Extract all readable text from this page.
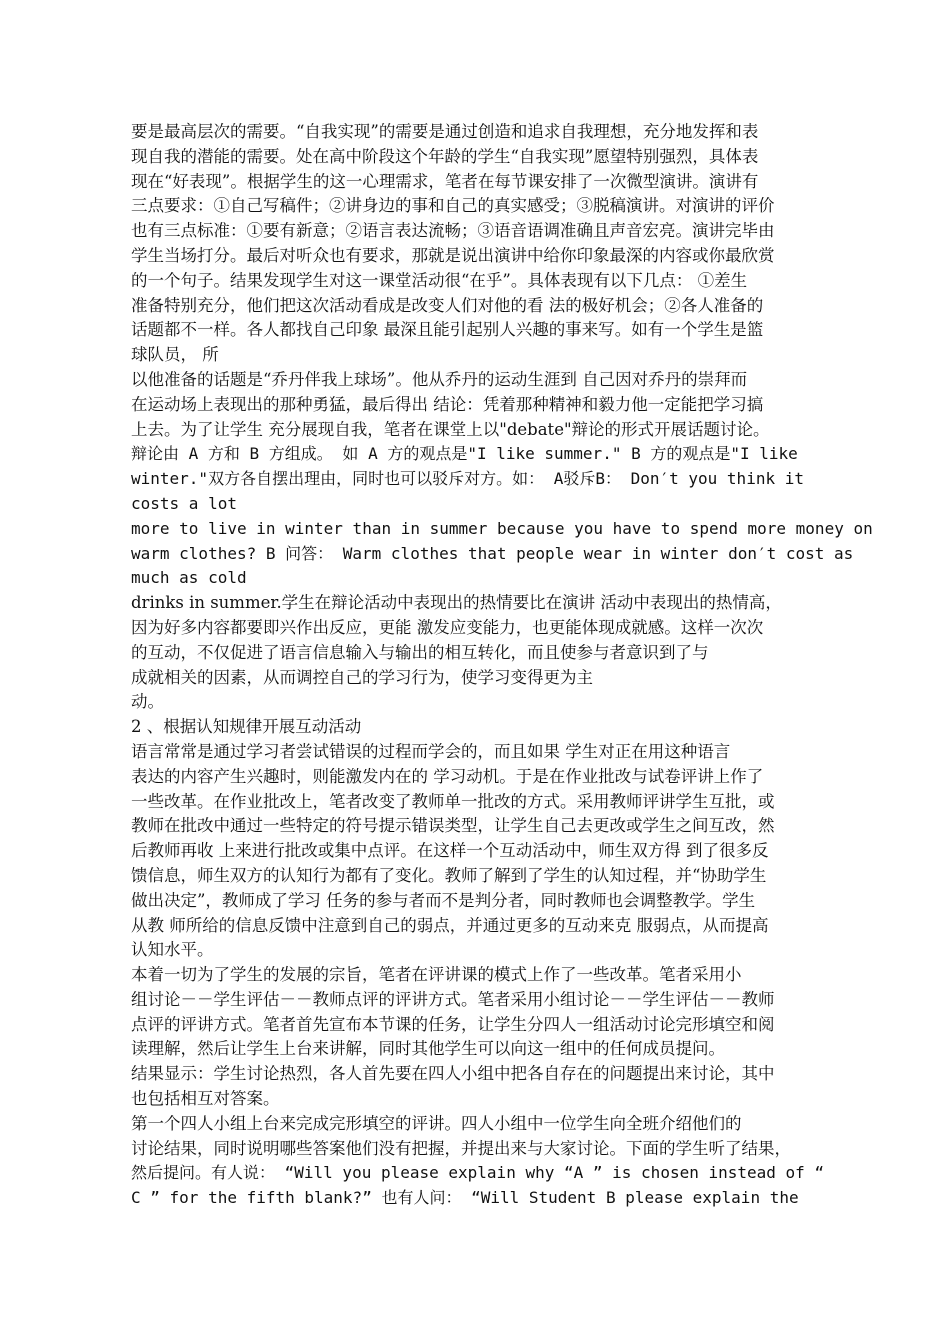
要是最高层次的需要。“自我实现”的需要是通过创造和追求自我理想，充分地发挥和表
现自我的潜能的需要。处在高中阶段这个年龄的学生“自我实现”愿望特别强烈，具体表
现在“好表现”。根据学生的这一心理需求，笔者在每节课安排了一次微型演讲。演讲有
三点要求：①自己写稿件；②讲身边的事和自己的真实感受；③脱稿演讲。对演讲的评价
也有三点标准：①要有新意；②语言表达流畅；③语音语调准确且声音宏亮。演讲完毕由
学生当场打分。最后对听众也有要求，那就是说出演讲中给你印象最深的内容或你最欣赏
的一个句子。结果发现学生对这一课堂活动很“在乎”。具体表现有以下几点： ①差生
准备特别充分，他们把这次活动看成是改变人们对他的看 法的极好机会；②各人准备的
话题都不一样。各人都找自己印象 最深且能引起别人兴趣的事来写。如有一个学生是篮
球队员， 所
以他准备的话题是“乔丹伴我上球场”。他从乔丹的运动生涯到 自己因对乔丹的崇拜而
在运动场上表现出的那种勇猛，最后得出 结论：凭着那种精神和毅力他一定能把学习搞
上去。为了让学生 充分展现自我，笔者在课堂上以"debate"辩论的形式开展话题讨论。
辩论由 A 方和 B 方组成。 如 A 方的观点是"I like summer." B 方的观点是"I like
winter."双方各自摆出理由，同时也可以驳斥对方。如： A驳斥B： Don′t you think it
costs a lot
more to live in winter than in summer because you have to spend more money on
warm clothes? B 问答： Warm clothes that people wear in winter don′t cost as
much as cold
drinks in summer.学生在辩论活动中表现出的热情要比在演讲 活动中表现出的热情高，
因为好多内容都要即兴作出反应，更能 激发应变能力，也更能体现成就感。这样一次次
的互动，不仅促进了语言信息输入与输出的相互转化，而且使参与者意识到了与
成就相关的因素，从而调控自己的学习行为，使学习变得更为主
动。
2 、根据认知规律开展互动活动
语言常常是通过学习者尝试错误的过程而学会的，而且如果 学生对正在用这种语言
表达的内容产生兴趣时，则能激发内在的 学习动机。于是在作业批改与试卷评讲上作了
一些改革。在作业批改上，笔者改变了教师单一批改的方式。采用教师评讲学生互批，或
教师在批改中通过一些特定的符号提示错误类型，让学生自己去更改或学生之间互改，然
后教师再收 上来进行批改或集中点评。在这样一个互动活动中，师生双方得 到了很多反
馈信息，师生双方的认知行为都有了变化。教师了解到了学生的认知过程，并“协助学生
做出决定”，教师成了学习 任务的参与者而不是判分者，同时教师也会调整教学。学生
从教 师所给的信息反馈中注意到自己的弱点，并通过更多的互动来克 服弱点，从而提高
认知水平。
本着一切为了学生的发展的宗旨，笔者在评讲课的模式上作了一些改革。笔者采用小
组讨论－－学生评估－－教师点评的评讲方式。笔者采用小组讨论－－学生评估－－教师
点评的评讲方式。笔者首先宣布本节课的任务，让学生分四人一组活动讨论完形填空和阅
读理解，然后让学生上台来讲解，同时其他学生可以向这一组中的任何成员提问。
结果显示：学生讨论热烈，各人首先要在四人小组中把各自存在的问题提出来讨论，其中
也包括相互对答案。
第一个四人小组上台来完成完形填空的评讲。四人小组中一位学生向全班介绍他们的
讨论结果，同时说明哪些答案他们没有把握，并提出来与大家讨论。下面的学生听了结果，
然后提问。有人说： “Will you please explain why “A ” is chosen instead of “
C ” for the fifth blank?” 也有人问： “Will Student B please explain the
